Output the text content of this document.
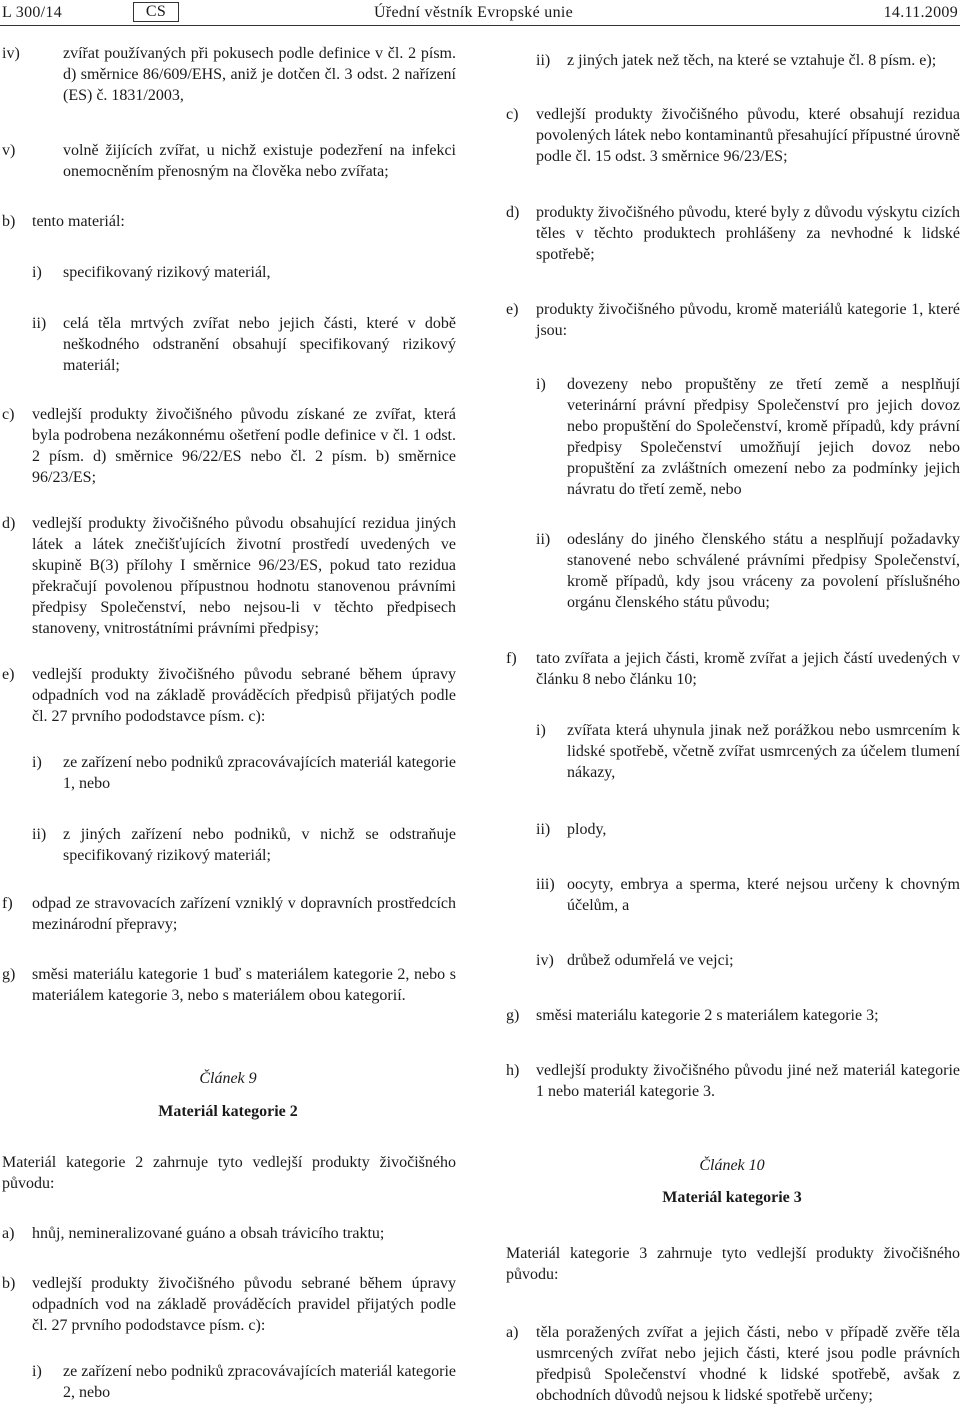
L 300/14	CS	Úřední věstník Evropské unie	14.11.2009
iv)	zvířat používaných při pokusech podle definice v čl. 2 písm. d) směrnice 86/609/EHS, aniž je dotčen čl. 3 odst. 2 nařízení (ES) č. 1831/2003,
v)	volně žijících zvířat, u nichž existuje podezření na infekci onemocněním přenosným na člověka nebo zvířata;
b) tento materiál:
i) specifikovaný rizikový materiál,
ii) celá těla mrtvých zvířat nebo jejich části, které v době neškodného odstranění obsahují specifikovaný rizikový materiál;
c) vedlejší produkty živočišného původu získané ze zvířat, která byla podrobena nezákonnému ošetření podle definice v čl. 1 odst. 2 písm. d) směrnice 96/22/ES nebo čl. 2 písm. b) směrnice 96/23/ES;
d) vedlejší produkty živočišného původu obsahující rezidua jiných látek a látek znečišťujících životní prostředí uvedených ve skupině B(3) přílohy I směrnice 96/23/ES, pokud tato rezidua překračují povolenou přípustnou hodnotu stanovenou právními předpisy Společenství, nebo nejsou-li v těchto předpisech stanoveny, vnitrostátními právními předpisy;
e) vedlejší produkty živočišného původu sebrané během úpravy odpadních vod na základě prováděcích předpisů přijatých podle čl. 27 prvního pododstavce písm. c):
i) ze zařízení nebo podniků zpracovávajících materiál kategorie 1, nebo
ii) z jiných zařízení nebo podniků, v nichž se odstraňuje specifikovaný rizikový materiál;
f) odpad ze stravovacích zařízení vzniklý v dopravních prostředcích mezinárodní přepravy;
g) směsi materiálu kategorie 1 buď s materiálem kategorie 2, nebo s materiálem kategorie 3, nebo s materiálem obou kategorií.
Článek 9
Materiál kategorie 2
Materiál kategorie 2 zahrnuje tyto vedlejší produkty živočišného původu:
a) hnůj, nemineralizované guáno a obsah trávicího traktu;
b) vedlejší produkty živočišného původu sebrané během úpravy odpadních vod na základě prováděcích pravidel přijatých podle čl. 27 prvního pododstavce písm. c):
i) ze zařízení nebo podniků zpracovávajících materiál kategorie 2, nebo
ii) z jiných jatek než těch, na které se vztahuje čl. 8 písm. e);
c) vedlejší produkty živočišného původu, které obsahují rezidua povolených látek nebo kontaminantů přesahující přípustné úrovně podle čl. 15 odst. 3 směrnice 96/23/ES;
d) produkty živočišného původu, které byly z důvodu výskytu cizích těles v těchto produktech prohlášeny za nevhodné k lidské spotřebě;
e) produkty živočišného původu, kromě materiálů kategorie 1, které jsou:
i) dovezeny nebo propuštěny ze třetí země a nesplňují veterinární právní předpisy Společenství pro jejich dovoz nebo propuštění do Společenství, kromě případů, kdy právní předpisy Společenství umožňují jejich dovoz nebo propuštění za zvláštních omezení nebo za podmínky jejich návratu do třetí země, nebo
ii) odeslány do jiného členského státu a nesplňují požadavky stanovené nebo schválené právními předpisy Společenství, kromě případů, kdy jsou vráceny za povolení příslušného orgánu členského státu původu;
f) tato zvířata a jejich části, kromě zvířat a jejich částí uvedených v článku 8 nebo článku 10;
i) zvířata která uhynula jinak než porážkou nebo usmrcením k lidské spotřebě, včetně zvířat usmrcených za účelem tlumení nákazy,
ii) plody,
iii) oocyty, embrya a sperma, které nejsou určeny k chovným účelům, a
iv) drůbež odumřelá ve vejci;
g) směsi materiálu kategorie 2 s materiálem kategorie 3;
h) vedlejší produkty živočišného původu jiné než materiál kategorie 1 nebo materiál kategorie 3.
Článek 10
Materiál kategorie 3
Materiál kategorie 3 zahrnuje tyto vedlejší produkty živočišného původu:
a) těla poražených zvířat a jejich části, nebo v případě zvěře těla usmrcených zvířat nebo jejich části, které jsou podle právních předpisů Společenství vhodné k lidské spotřebě, avšak z obchodních důvodů nejsou k lidské spotřebě určeny;
